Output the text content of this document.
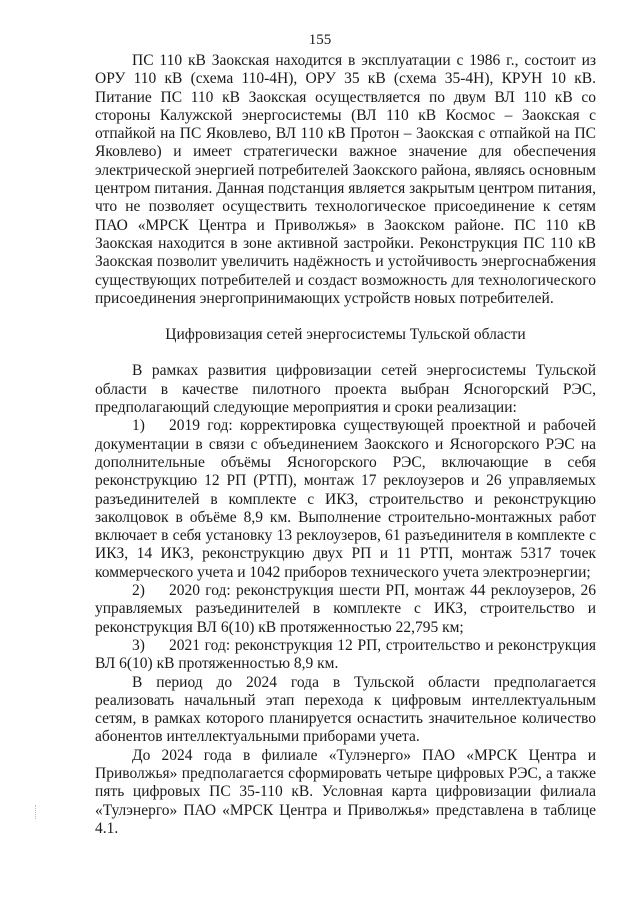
155

ПС 110 кВ Заокская находится в эксплуатации с 1986 г., состоит из ОРУ 110 кВ (схема 110-4Н), ОРУ 35 кВ (схема 35-4Н), КРУН 10 кВ. Питание ПС 110 кВ Заокская осуществляется по двум ВЛ 110 кВ со стороны Калужской энергосистемы (ВЛ 110 кВ Космос – Заокская с отпайкой на ПС Яковлево, ВЛ 110 кВ Протон – Заокская с отпайкой на ПС Яковлево) и имеет стратегически важное значение для обеспечения электрической энергией потребителей Заокского района, являясь основным центром питания. Данная подстанция является закрытым центром питания, что не позволяет осуществить технологическое присоединение к сетям ПАО «МРСК Центра и Приволжья» в Заокском районе. ПС 110 кВ Заокская находится в зоне активной застройки. Реконструкция ПС 110 кВ Заокская позволит увеличить надёжность и устойчивость энергоснабжения существующих потребителей и создаст возможность для технологического присоединения энергопринимающих устройств новых потребителей.

Цифровизация сетей энергосистемы Тульской области

В рамках развития цифровизации сетей энергосистемы Тульской области в качестве пилотного проекта выбран Ясногорский РЭС, предполагающий следующие мероприятия и сроки реализации:

1) 2019 год: корректировка существующей проектной и рабочей документации в связи с объединением Заокского и Ясногорского РЭС на дополнительные объёмы Ясногорского РЭС, включающие в себя реконструкцию 12 РП (РТП), монтаж 17 реклоузеров и 26 управляемых разъединителей в комплекте с ИКЗ, строительство и реконструкцию заколцовок в объёме 8,9 км. Выполнение строительно-монтажных работ включает в себя установку 13 реклоузеров, 61 разъединителя в комплекте с ИКЗ, 14 ИКЗ, реконструкцию двух РП и 11 РТП, монтаж 5317 точек коммерческого учета и 1042 приборов технического учета электроэнергии;

2) 2020 год: реконструкция шести РП, монтаж 44 реклоузеров, 26 управляемых разъединителей в комплекте с ИКЗ, строительство и реконструкция ВЛ 6(10) кВ протяженностью 22,795 км;

3) 2021 год: реконструкция 12 РП, строительство и реконструкция ВЛ 6(10) кВ протяженностью 8,9 км.

В период до 2024 года в Тульской области предполагается реализовать начальный этап перехода к цифровым интеллектуальным сетям, в рамках которого планируется оснастить значительное количество абонентов интеллектуальными приборами учета.

До 2024 года в филиале «Тулэнерго» ПАО «МРСК Центра и Приволжья» предполагается сформировать четыре цифровых РЭС, а также пять цифровых ПС 35-110 кВ. Условная карта цифровизации филиала «Тулэнерго» ПАО «МРСК Центра и Приволжья» представлена в таблице 4.1.
